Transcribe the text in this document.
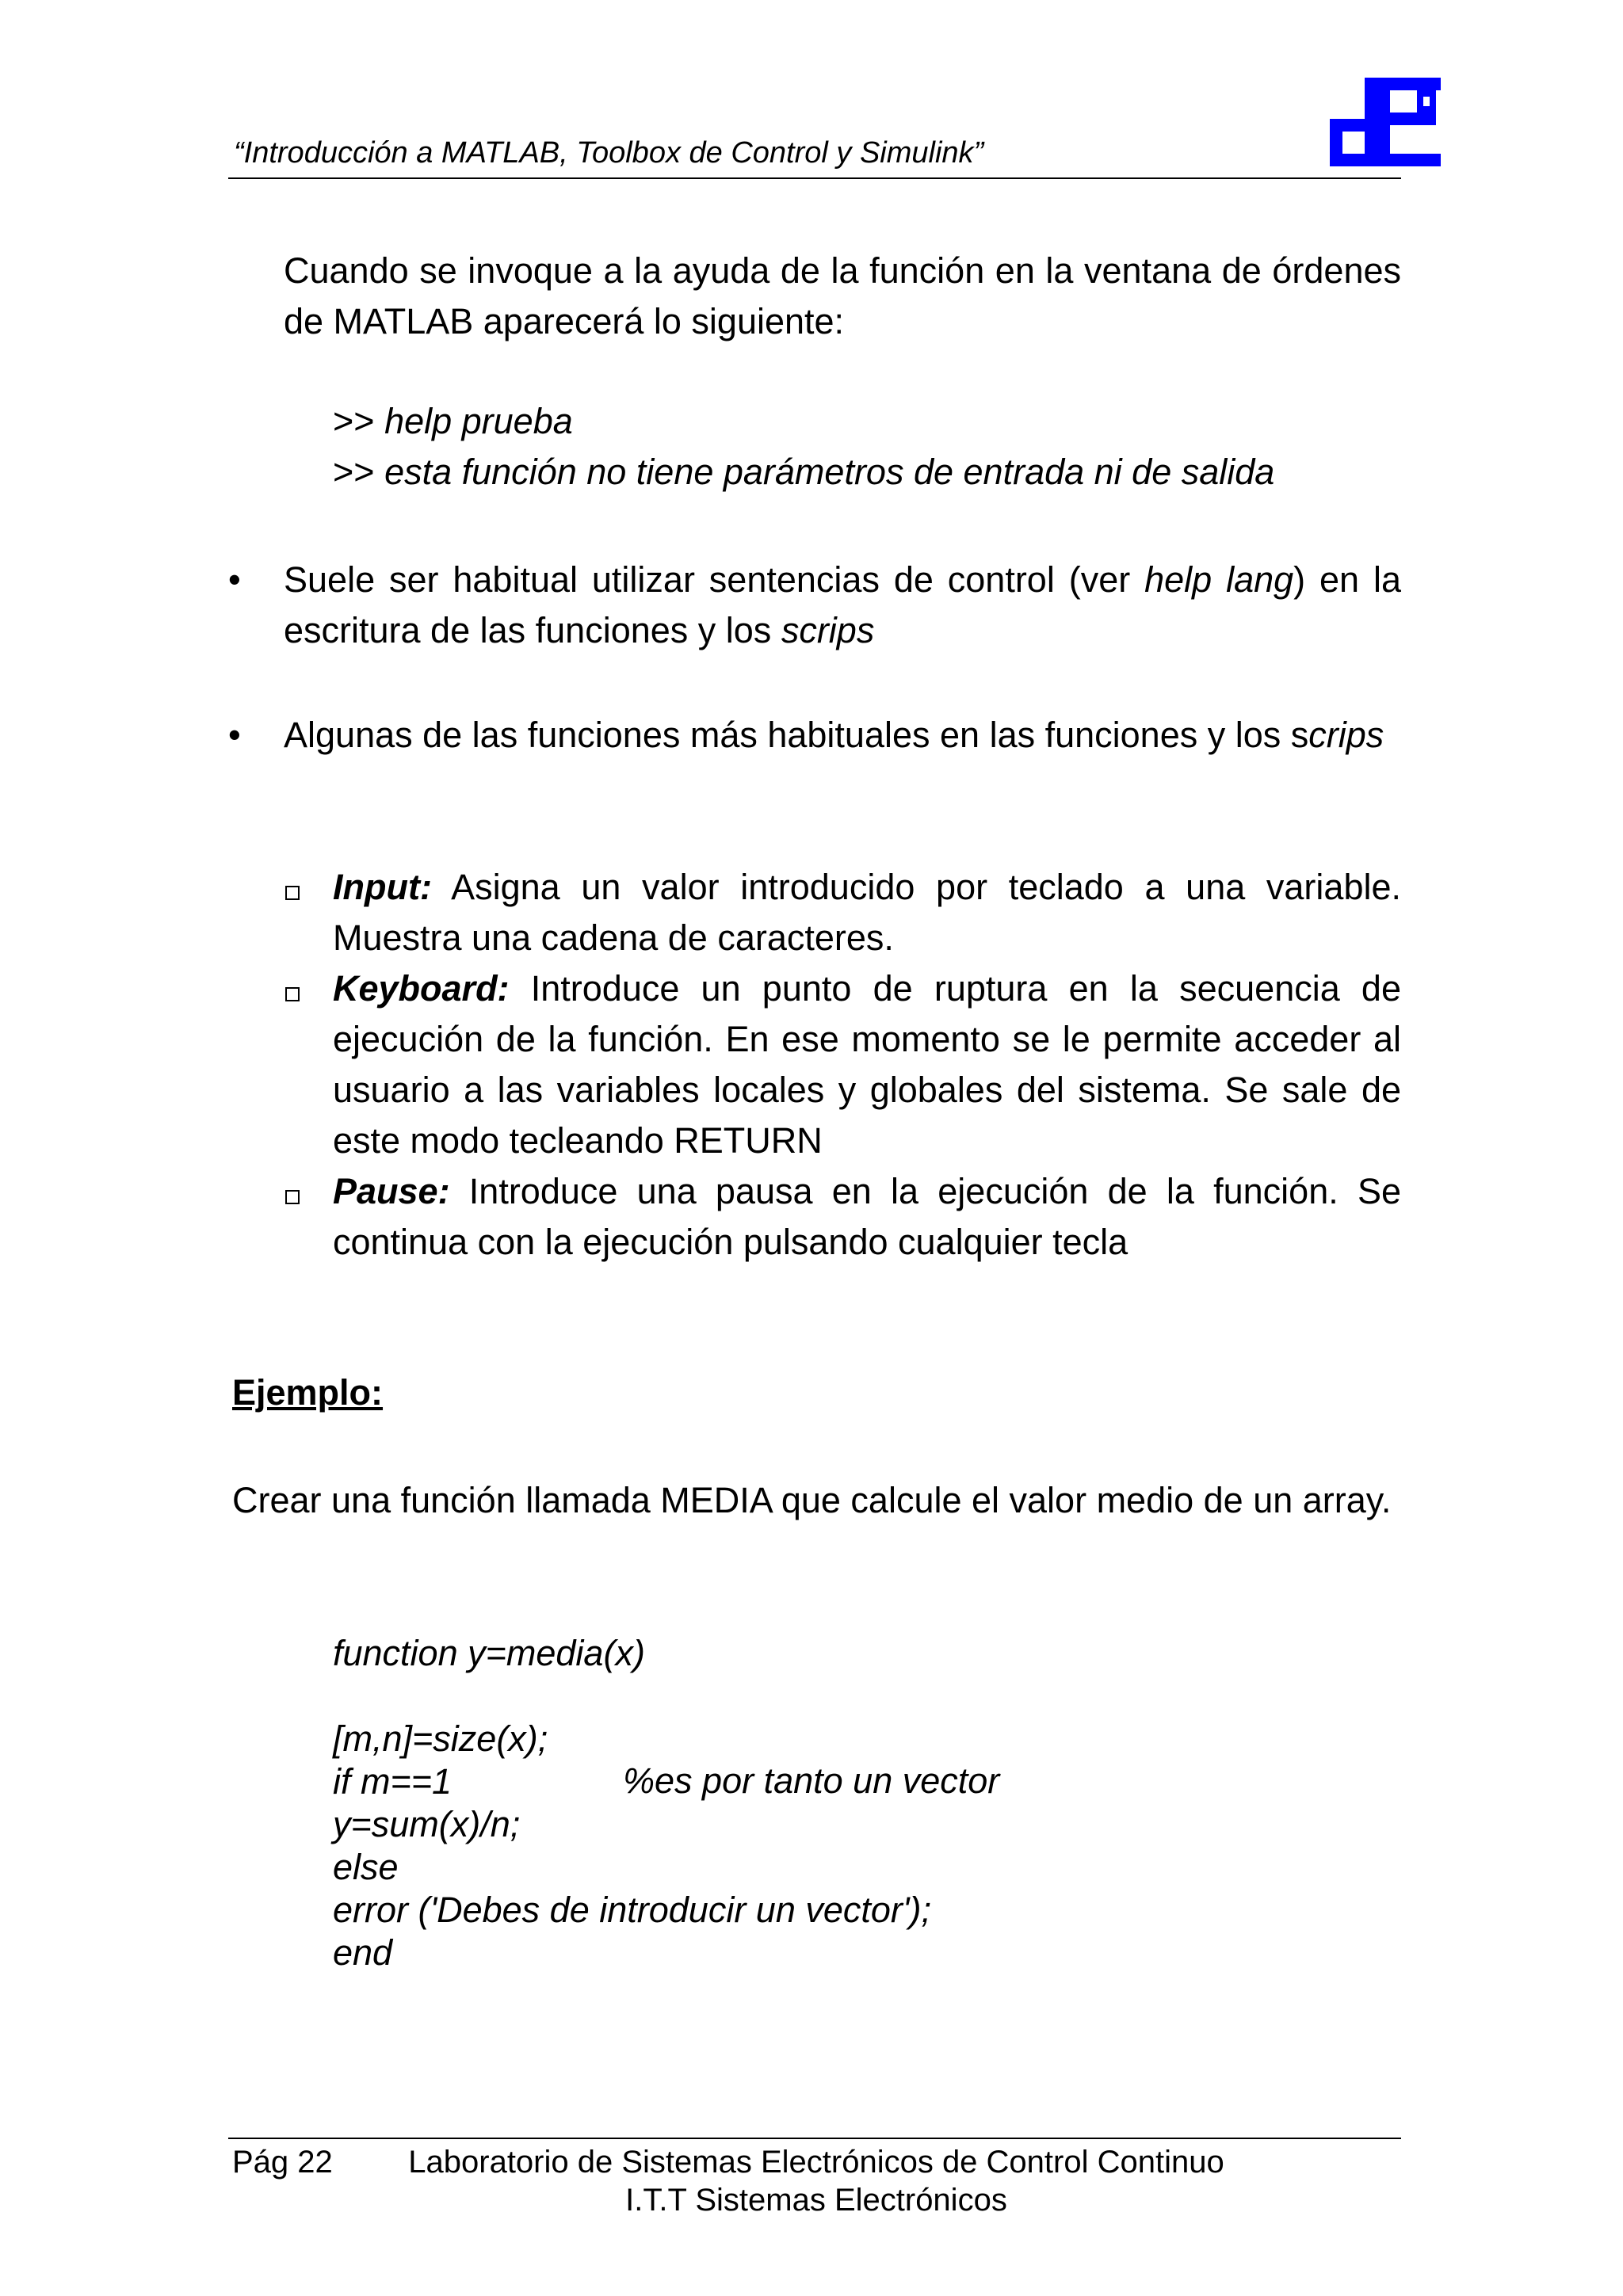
“Introducción a MATLAB, Toolbox de Control y Simulink”
Cuando se invoque a la ayuda de la función en la ventana de órdenes de MATLAB aparecerá lo siguiente:
>> help prueba
>> esta función no tiene parámetros de entrada ni de salida
• Suele ser habitual utilizar sentencias de control (ver help lang) en la escritura de las funciones y los scrips
• Algunas de las funciones más habituales en las funciones y los scrips
Input: Asigna un valor introducido por teclado a una variable. Muestra una cadena de caracteres.
Keyboard: Introduce un punto de ruptura en la secuencia de ejecución de la función. En ese momento se le permite acceder al usuario a las variables locales y globales del sistema. Se sale de este modo tecleando RETURN
Pause: Introduce una pausa en la ejecución de la función. Se continua con la ejecución pulsando cualquier tecla
Ejemplo:
Crear una función llamada MEDIA que calcule el valor medio de un array.
function y=media(x)
[m,n]=size(x);
if m==1	%es por tanto un vector
y=sum(x)/n;
else
error ('Debes de introducir un vector');
end
Pág 22	Laboratorio de Sistemas Electrónicos de Control Continuo
I.T.T Sistemas Electrónicos
